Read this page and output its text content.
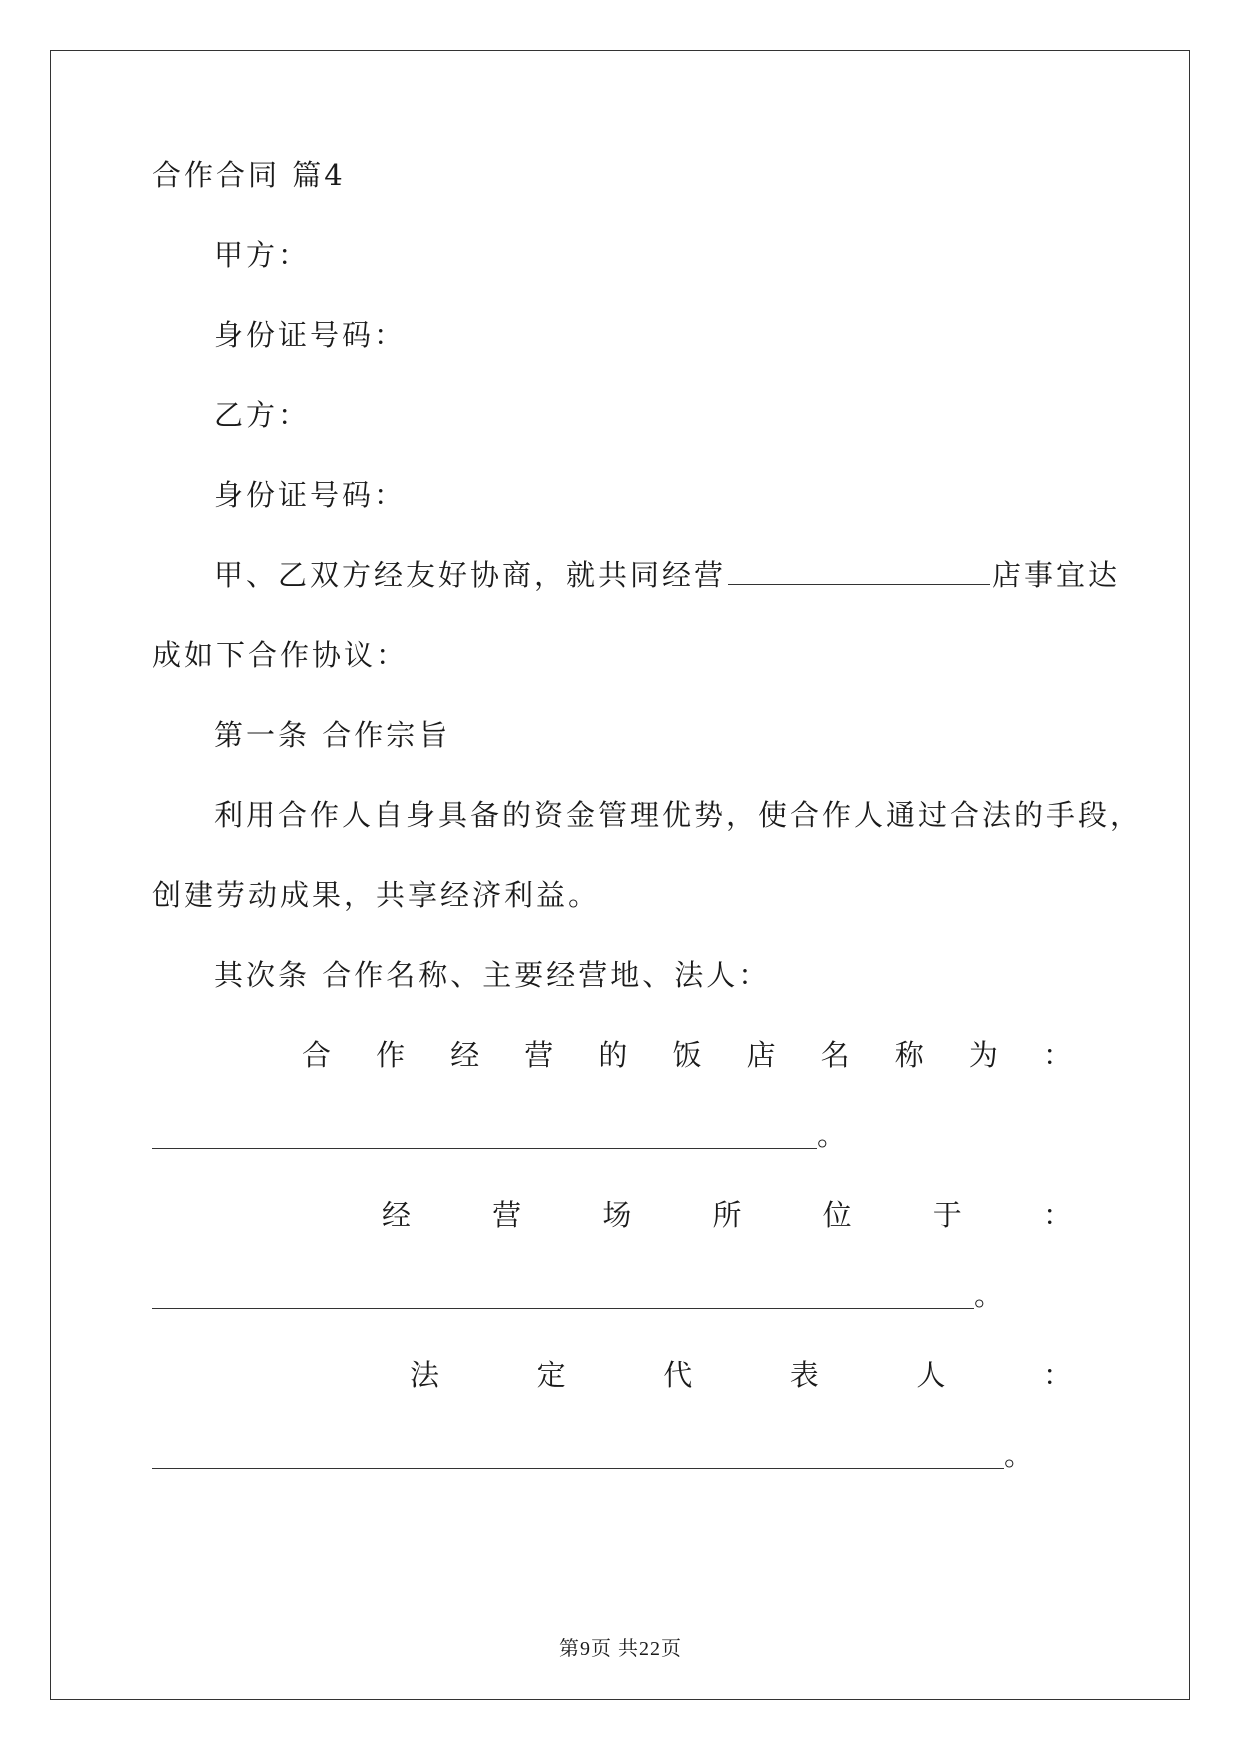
合作合同 篇4
甲方：
身份证号码：
乙方：
身份证号码：
甲、乙双方经友好协商，就共同经营	店事宜达
成如下合作协议：
第一条 合作宗旨
利用合作人自身具备的资金管理优势，使合作人通过合法的手段，
创建劳动成果，共享经济利益。
其次条 合作名称、主要经营地、法人：
合 作 经 营 的 饭 店 名 称 为 ：
。
经	营	场	所	位	于	：
。
法	定	代	表	人	：
。
第9页 共22页
